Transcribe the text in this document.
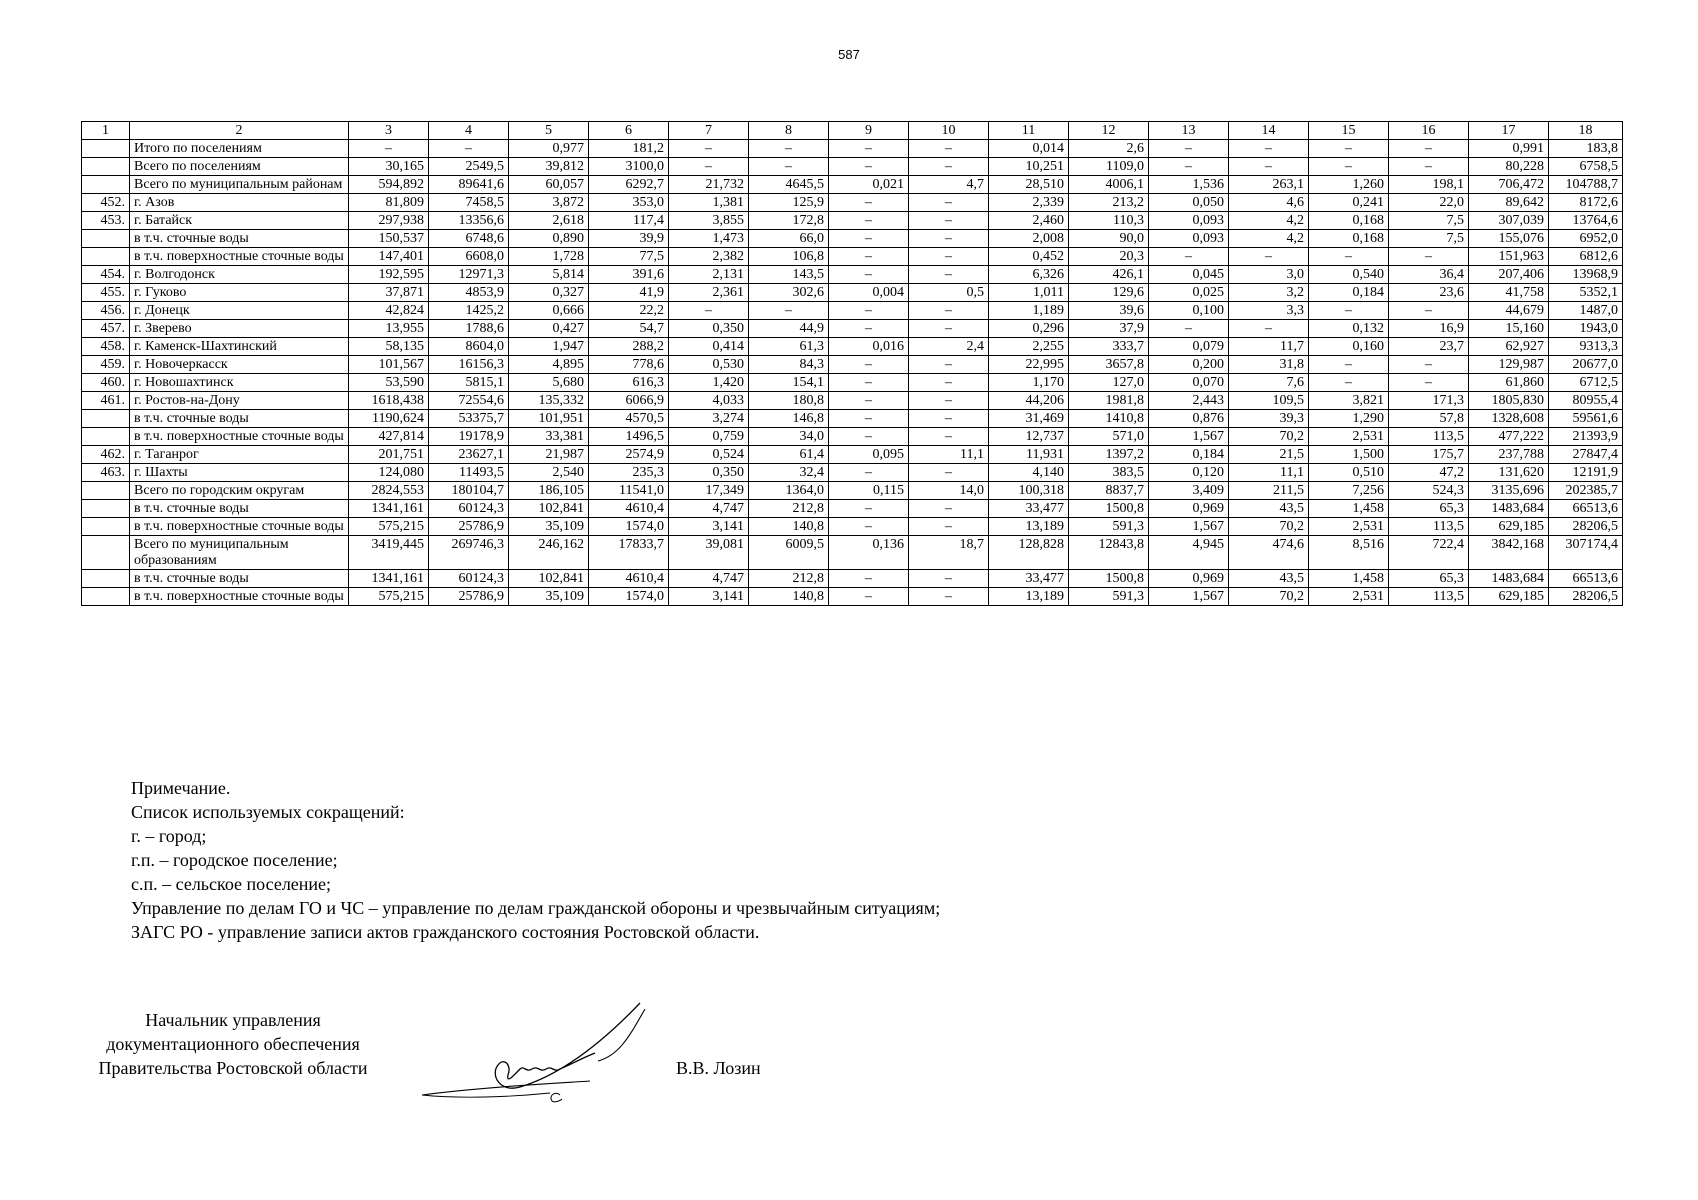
587
1	2	3	4	5	6	7	8	9	10	11	12	13	14	15	16	17	18
	Итого по поселениям	–	–	0,977	181,2	–	–	–	–	0,014	2,6	–	–	–	–	0,991	183,8
	Всего по поселениям	30,165	2549,5	39,812	3100,0	–	–	–	–	10,251	1109,0	–	–	–	–	80,228	6758,5
	Всего по муниципальным районам	594,892	89641,6	60,057	6292,7	21,732	4645,5	0,021	4,7	28,510	4006,1	1,536	263,1	1,260	198,1	706,472	104788,7
452.	г. Азов	81,809	7458,5	3,872	353,0	1,381	125,9	–	–	2,339	213,2	0,050	4,6	0,241	22,0	89,642	8172,6
453.	г. Батайск	297,938	13356,6	2,618	117,4	3,855	172,8	–	–	2,460	110,3	0,093	4,2	0,168	7,5	307,039	13764,6
	в т.ч. сточные воды	150,537	6748,6	0,890	39,9	1,473	66,0	–	–	2,008	90,0	0,093	4,2	0,168	7,5	155,076	6952,0
	в т.ч. поверхностные сточные воды	147,401	6608,0	1,728	77,5	2,382	106,8	–	–	0,452	20,3	–	–	–	–	151,963	6812,6
454.	г. Волгодонск	192,595	12971,3	5,814	391,6	2,131	143,5	–	–	6,326	426,1	0,045	3,0	0,540	36,4	207,406	13968,9
455.	г. Гуково	37,871	4853,9	0,327	41,9	2,361	302,6	0,004	0,5	1,011	129,6	0,025	3,2	0,184	23,6	41,758	5352,1
456.	г. Донецк	42,824	1425,2	0,666	22,2	–	–	–	–	1,189	39,6	0,100	3,3	–	–	44,679	1487,0
457.	г. Зверево	13,955	1788,6	0,427	54,7	0,350	44,9	–	–	0,296	37,9	–	–	0,132	16,9	15,160	1943,0
458.	г. Каменск-Шахтинский	58,135	8604,0	1,947	288,2	0,414	61,3	0,016	2,4	2,255	333,7	0,079	11,7	0,160	23,7	62,927	9313,3
459.	г. Новочеркасск	101,567	16156,3	4,895	778,6	0,530	84,3	–	–	22,995	3657,8	0,200	31,8	–	–	129,987	20677,0
460.	г. Новошахтинск	53,590	5815,1	5,680	616,3	1,420	154,1	–	–	1,170	127,0	0,070	7,6	–	–	61,860	6712,5
461.	г. Ростов-на-Дону	1618,438	72554,6	135,332	6066,9	4,033	180,8	–	–	44,206	1981,8	2,443	109,5	3,821	171,3	1805,830	80955,4
	в т.ч. сточные воды	1190,624	53375,7	101,951	4570,5	3,274	146,8	–	–	31,469	1410,8	0,876	39,3	1,290	57,8	1328,608	59561,6
	в т.ч. поверхностные сточные воды	427,814	19178,9	33,381	1496,5	0,759	34,0	–	–	12,737	571,0	1,567	70,2	2,531	113,5	477,222	21393,9
462.	г. Таганрог	201,751	23627,1	21,987	2574,9	0,524	61,4	0,095	11,1	11,931	1397,2	0,184	21,5	1,500	175,7	237,788	27847,4
463.	г. Шахты	124,080	11493,5	2,540	235,3	0,350	32,4	–	–	4,140	383,5	0,120	11,1	0,510	47,2	131,620	12191,9
	Всего по городским округам	2824,553	180104,7	186,105	11541,0	17,349	1364,0	0,115	14,0	100,318	8837,7	3,409	211,5	7,256	524,3	3135,696	202385,7
	в т.ч. сточные воды	1341,161	60124,3	102,841	4610,4	4,747	212,8	–	–	33,477	1500,8	0,969	43,5	1,458	65,3	1483,684	66513,6
	в т.ч. поверхностные сточные воды	575,215	25786,9	35,109	1574,0	3,141	140,8	–	–	13,189	591,3	1,567	70,2	2,531	113,5	629,185	28206,5
	Всего по муниципальным образованиям	3419,445	269746,3	246,162	17833,7	39,081	6009,5	0,136	18,7	128,828	12843,8	4,945	474,6	8,516	722,4	3842,168	307174,4
	в т.ч. сточные воды	1341,161	60124,3	102,841	4610,4	4,747	212,8	–	–	33,477	1500,8	0,969	43,5	1,458	65,3	1483,684	66513,6
	в т.ч. поверхностные сточные воды	575,215	25786,9	35,109	1574,0	3,141	140,8	–	–	13,189	591,3	1,567	70,2	2,531	113,5	629,185	28206,5
Примечание.
Список используемых сокращений:
г. – город;
г.п. – городское поселение;
с.п. – сельское поселение;
Управление по делам ГО и ЧС – управление по делам гражданской обороны и чрезвычайным ситуациям;
ЗАГС РО - управление записи актов гражданского состояния Ростовской области.
Начальник управления
документационного обеспечения
Правительства Ростовской области	В.В. Лозин
